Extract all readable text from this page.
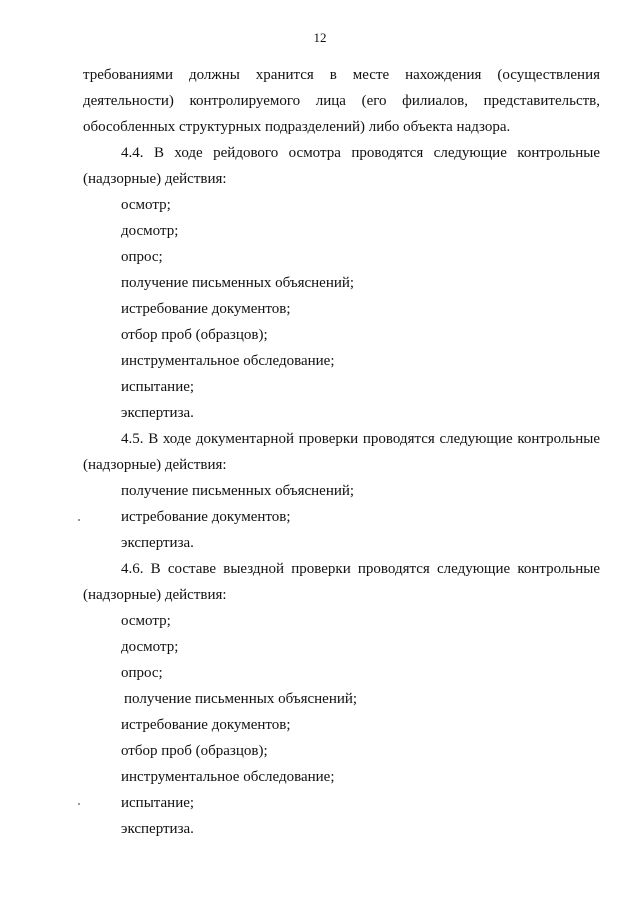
12
требованиями должны хранится в месте нахождения (осуществления
деятельности) контролируемого лица (его филиалов, представительств,
обособленных структурных подразделений) либо объекта надзора.
4.4. В ходе рейдового осмотра проводятся следующие контрольные
(надзорные) действия:
осмотр;
досмотр;
опрос;
получение письменных объяснений;
истребование документов;
отбор проб (образцов);
инструментальное обследование;
испытание;
экспертиза.
4.5. В ходе документарной проверки проводятся следующие контрольные
(надзорные) действия:
получение письменных объяснений;
истребование документов;
экспертиза.
4.6. В составе выездной проверки проводятся следующие контрольные
(надзорные) действия:
осмотр;
досмотр;
опрос;
получение письменных объяснений;
истребование документов;
отбор проб (образцов);
инструментальное обследование;
испытание;
экспертиза.
